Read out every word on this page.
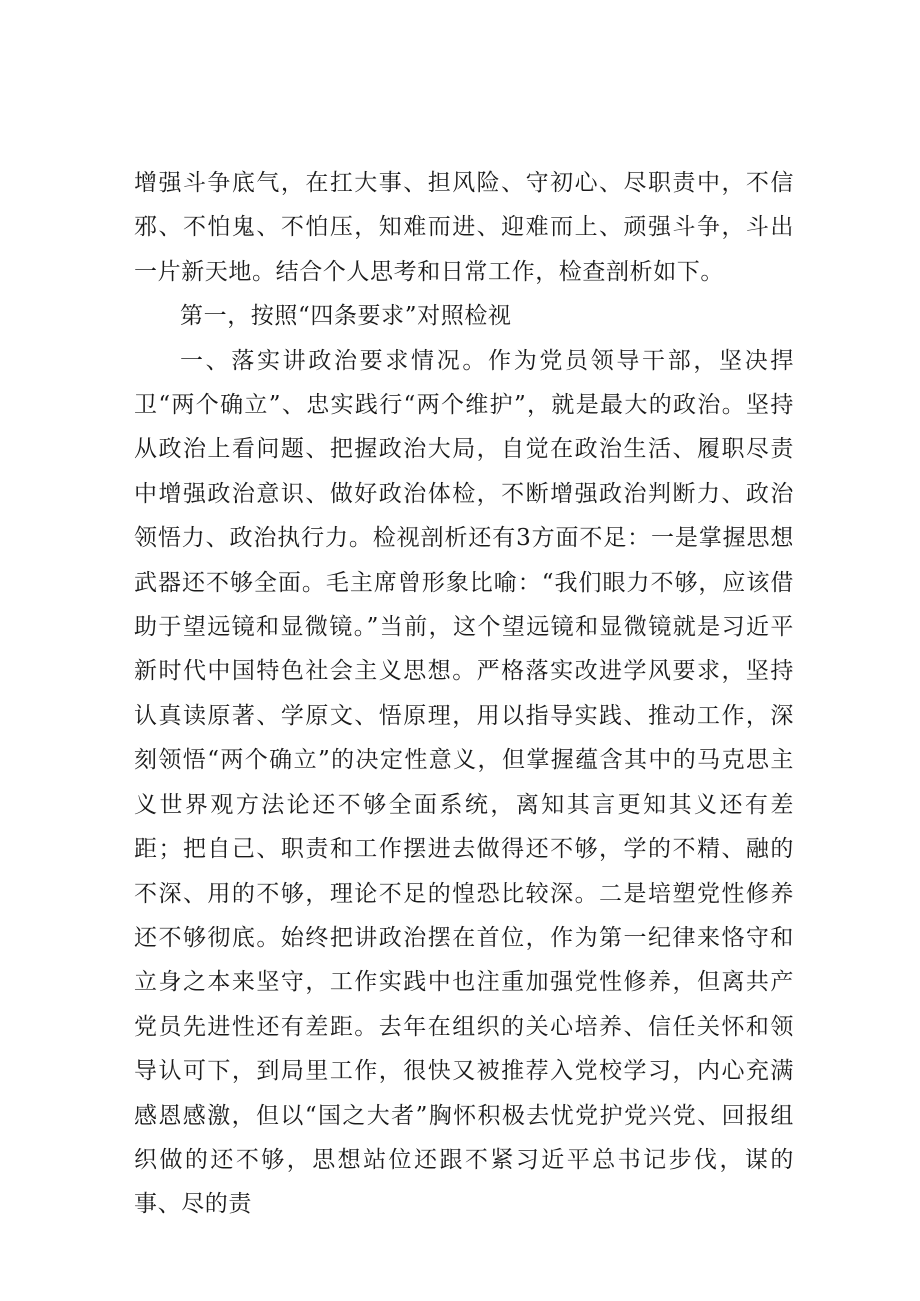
增强斗争底气，在扛大事、担风险、守初心、尽职责中，不信邪、不怕鬼、不怕压，知难而进、迎难而上、顽强斗争，斗出一片新天地。结合个人思考和日常工作，检查剖析如下。

第一，按照“四条要求”对照检视

一、落实讲政治要求情况。作为党员领导干部，坚决捍卫“两个确立”、忠实践行“两个维护”，就是最大的政治。坚持从政治上看问题、把握政治大局，自觉在政治生活、履职尽责中增强政治意识、做好政治体检，不断增强政治判断力、政治领悟力、政治执行力。检视剖析还有3方面不足：一是掌握思想武器还不够全面。毛主席曾形象比喻：“我们眼力不够，应该借助于望远镜和显微镜。”当前，这个望远镜和显微镜就是习近平新时代中国特色社会主义思想。严格落实改进学风要求，坚持认真读原著、学原文、悟原理，用以指导实践、推动工作，深刻领悟“两个确立”的决定性意义，但掌握蕴含其中的马克思主义世界观方法论还不够全面系统，离知其言更知其义还有差距；把自己、职责和工作摆进去做得还不够，学的不精、融的不深、用的不够，理论不足的惶恐比较深。二是培塑党性修养还不够彻底。始终把讲政治摆在首位，作为第一纪律来恪守和立身之本来坚守，工作实践中也注重加强党性修养，但离共产党员先进性还有差距。去年在组织的关心培养、信任关怀和领导认可下，到局里工作，很快又被推荐入党校学习，内心充满感恩感激，但以“国之大者”胸怀积极去忧党护党兴党、回报组织做的还不够，思想站位还跟不紧习近平总书记步伐，谋的事、尽的责
